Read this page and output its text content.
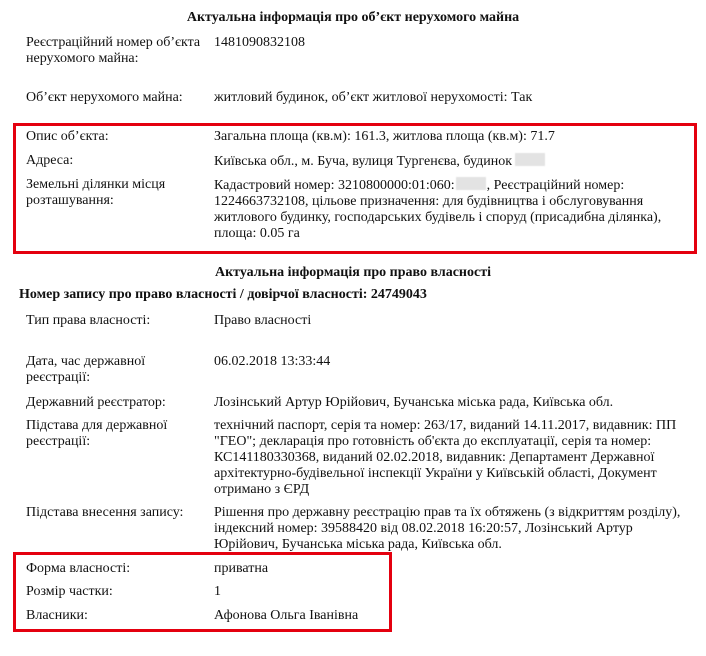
Актуальна інформація про об’єкт нерухомого майна
Реєстраційний номер об’єкта нерухомого майна:
1481090832108
Об’єкт нерухомого майна:	житловий будинок, об’єкт житлової нерухомості: Так
Опис об’єкта:	Загальна площа (кв.м): 161.3, житлова площа (кв.м): 71.7
Адреса:	Київська обл., м. Буча, вулиця Тургенєва, будинок
Земельні ділянки місця розташування:
Кадастровий номер: 3210800000:01:060: , Реєстраційний номер: 1224663732108, цільове призначення: для будівництва і обслуговування житлового будинку, господарських будівель і споруд (присадибна ділянка), площа: 0.05 га
Актуальна інформація про право власності
Номер запису про право власності / довірчої власності: 24749043
Тип права власності:	Право власності
Дата, час державної реєстрації:
06.02.2018 13:33:44
Державний реєстратор:	Лозінський Артур Юрійович, Бучанська міська рада, Київська обл.
Підстава для державної реєстрації:
технічний паспорт, серія та номер: 263/17, виданий 14.11.2017, видавник: ПП "ГЕО"; декларація про готовність об'єкта до експлуатації, серія та номер: КС141180330368, виданий 02.02.2018, видавник: Департамент Державної архітектурно-будівельної інспекції України у Київській області, Документ отримано з ЄРД
Підстава внесення запису:	Рішення про державну реєстрацію прав та їх обтяжень (з відкриттям розділу), індексний номер: 39588420 від 08.02.2018 16:20:57, Лозінський Артур Юрійович, Бучанська міська рада, Київська обл.
Форма власності:	приватна
Розмір частки:	1
Власники:	Афонова Ольга Іванівна
